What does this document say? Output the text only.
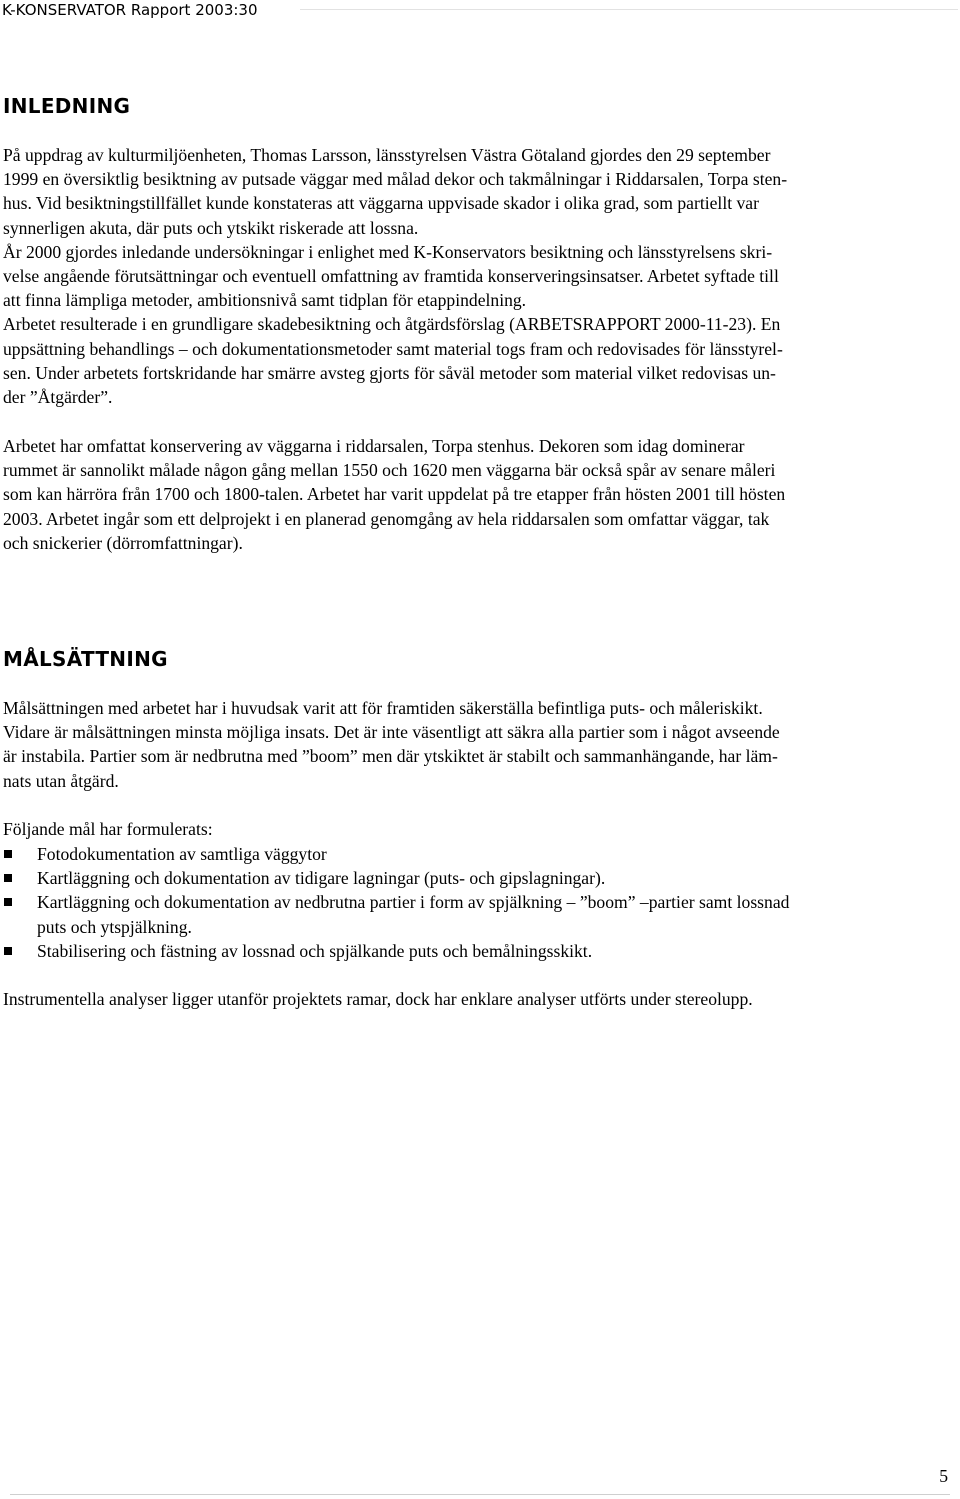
K-KONSERVATOR Rapport 2003:30
INLEDNING
På uppdrag av kulturmiljöenheten, Thomas Larsson, länsstyrelsen Västra Götaland gjordes den 29 september
1999 en översiktlig besiktning av putsade väggar med målad dekor och takmålningar i Riddarsalen, Torpa sten-
hus. Vid besiktningstillfället kunde konstateras att väggarna uppvisade skador i olika grad, som partiellt var
synnerligen akuta, där puts och ytskikt riskerade att lossna.
År 2000 gjordes inledande undersökningar i enlighet med K-Konservators besiktning och länsstyrelsens skri-
velse angående förutsättningar och eventuell omfattning av framtida konserveringsinsatser. Arbetet syftade till
att finna lämpliga metoder, ambitionsnivå samt tidplan för etappindelning.
Arbetet resulterade i en grundligare skadebesiktning och åtgärdsförslag (ARBETSRAPPORT 2000-11-23). En
uppsättning behandlings – och dokumentationsmetoder samt material togs fram och redovisades för länsstyrel-
sen. Under arbetets fortskridande har smärre avsteg gjorts för såväl metoder som material vilket redovisas un-
der ”Åtgärder”.
Arbetet har omfattat konservering av väggarna i riddarsalen, Torpa stenhus. Dekoren som idag dominerar
rummet är sannolikt målade någon gång mellan 1550 och 1620 men väggarna bär också spår av senare måleri
som kan härröra från 1700 och 1800-talen. Arbetet har varit uppdelat på tre etapper från hösten 2001 till hösten
2003. Arbetet ingår som ett delprojekt i en planerad genomgång av hela riddarsalen som omfattar väggar, tak
och snickerier (dörromfattningar).
MÅLSÄTTNING
Målsättningen med arbetet har i huvudsak varit att för framtiden säkerställa befintliga puts- och måleriskikt.
Vidare är målsättningen minsta möjliga insats. Det är inte väsentligt att säkra alla partier som i något avseende
är instabila. Partier som är nedbrutna med ”boom” men där ytskiktet är stabilt och sammanhängande, har läm-
nats utan åtgärd.
Följande mål har formulerats:
Fotodokumentation av samtliga väggytor
Kartläggning och dokumentation av tidigare lagningar (puts- och gipslagningar).
Kartläggning och dokumentation av nedbrutna partier i form av spjälkning – ”boom” –partier samt lossnad
puts och ytspjälkning.
Stabilisering och fästning av lossnad och spjälkande puts och bemålningsskikt.
Instrumentella analyser ligger utanför projektets ramar, dock har enklare analyser utförts under stereolupp.
5
